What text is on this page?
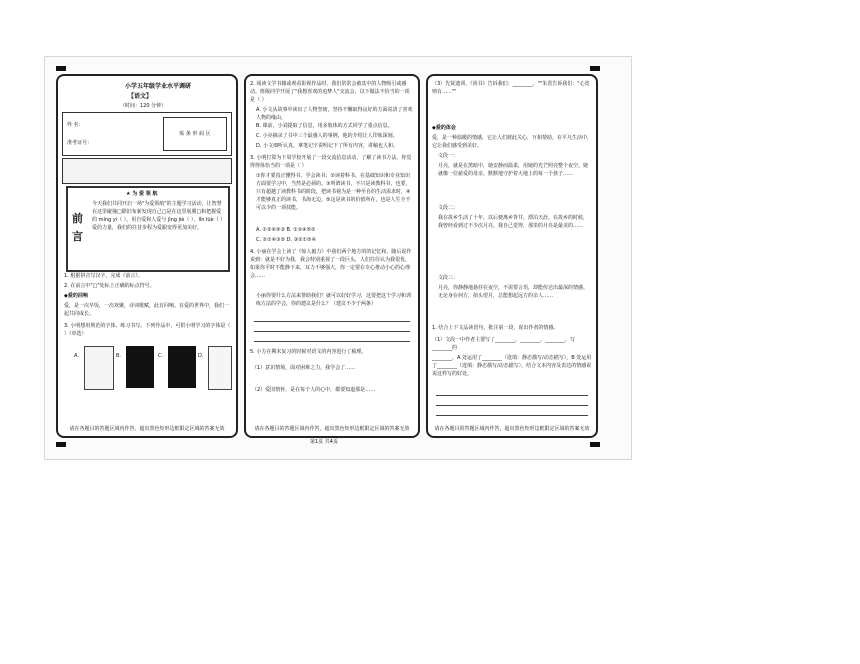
小学五年级学业水平调研
【语文】
（时间：120 分钟）
姓 名：
准考证号：
贴 条 形 码 区
★ 为 爱 领 航
前 言
今天我们共同开启一场"为爱领航"的主题学习活动，让智慧在这里碰撞□除旧布新发现自己□是在这里展翼□和把握爱的 míng yì（ ），用自爱和人爱与 jìng jiè（ ），lǐn lüè（ ）爱的力量，我们的往昔步程为爱跟变得更加美好。
1. 根据拼音写汉字，完成《前言》。
2. 在前言中"□"处标上正确的标点符号。
◆爱的回响
爱，是一次早饭，一次欢聚，诗词歌赋，此有回响。在爱的世界中，我们一起共同成长。
3. 小明想用规范的字体、练习书写。下列作品中，可供小明学习的字体是（ ）（单选）
A.	B.	C.	D.
请在各题目的答题区域内作答，超出黑色矩形边框限定区域的答案无效
2. 阅读文学书籍或观看影视作品时，我们常常会被其中的人物吸引或感动。班级同学开展了"我想喜欢的追梦人"交流会，以下做法不恰当的一项是（ ）
A. 小文从故事中读出了人物坚韧，坚持不懈取得良好的方面说清了喜欢人物的缘由。
B. 课前，小刘提取了信息，用多肢体的方式同学了重点信息。
C. 小亮摘录了书中三个最感人的事例，他的介绍让人印象深刻。
D. 小文细听认真，拿笔记字说明记下了所有内容，讲稿也人和。
3. 小明打算为下周学校开展了一段交流信息活动，了解了读书方法，你觉得得体恰当的一项是（ ）
①你才要真正懂得书，学会读书；②读着科书，在基础知识和专业知识方面要学习中，当然是必须的。③所谓读书，不只是读教科书，也要，只有超越了读教科书的阶段，把读书视为是一种至自的生活需求时，④才能够真正的读书，书海无边，⑤这是读书的价值所在，也是人生全不可以少的一项技能。
A. ①②④⑤③ B. ①③④⑤②
C. ②①④③⑤ D. ③②①⑤④
4. 小丽在学会上读了《惊人毅力》中我们两个地方的的记忆和，随后说作说到：就是不好为我，我会特别重视了一段巨头，人们往往认为我很优，如果你平时不能静下来，耳力不够强大，你一定要在专心推动小心的心理会……
小丽你要什么方法来帮助我们？就可以好好学习，这要把这个学习和训练方法的学会，你的建议是什么？（建议不少于两条）
5. 小方在期末复习的时候对语文的内容进行了梳理。
（1）意识情境，面对困难之力，我学会了……
（2）爱国情怀，是在每个人的心中，都要知道那是……
请在各题目的答题区域内作答，超出黑色矩形边框限定区域的答案无效
（3）先贤遗训、《尚书》告诉我们：________，""朱熹告诉我们："心宽则有……""
◆爱的体会
爱，是一种温暖的情感，它让人们彼此关心，互相帮助，在平凡生活中，它让我们感受到美好。
文段一：
月亮，就是在黑暗中，她安静而温柔，用她的光芒照亮整个夜空。她就像一位慈爱的母亲，默默地守护着大地上的每一个孩子……
文段二：
我在故乡生活了十年，以后便离乡背井，漂泊天涯。在故乡的时候，我曾经看到过不少次月亮。我自己觉得，那里的月亮是最美的……
文段三：
月亮，你静静地悬挂在夜空，不需要言语，却能传达出最深的情感。无论身在何方，抬头望月，总能想起远方的亲人……
1. 结合上下文品读语句，批注第一段，说出作者的情感。
（1）文段一中作者主要写了________，________，________，写________的
________，A 处运用了________（选填：静态描写/动态描写），B 处运用了________（选填：静态描写/动态描写），结合文本内容及表达的情感说说这样写的好处。
请在各题目的答题区域内作答，超出黑色矩形边框限定区域的答案无效
第1页 共4页
